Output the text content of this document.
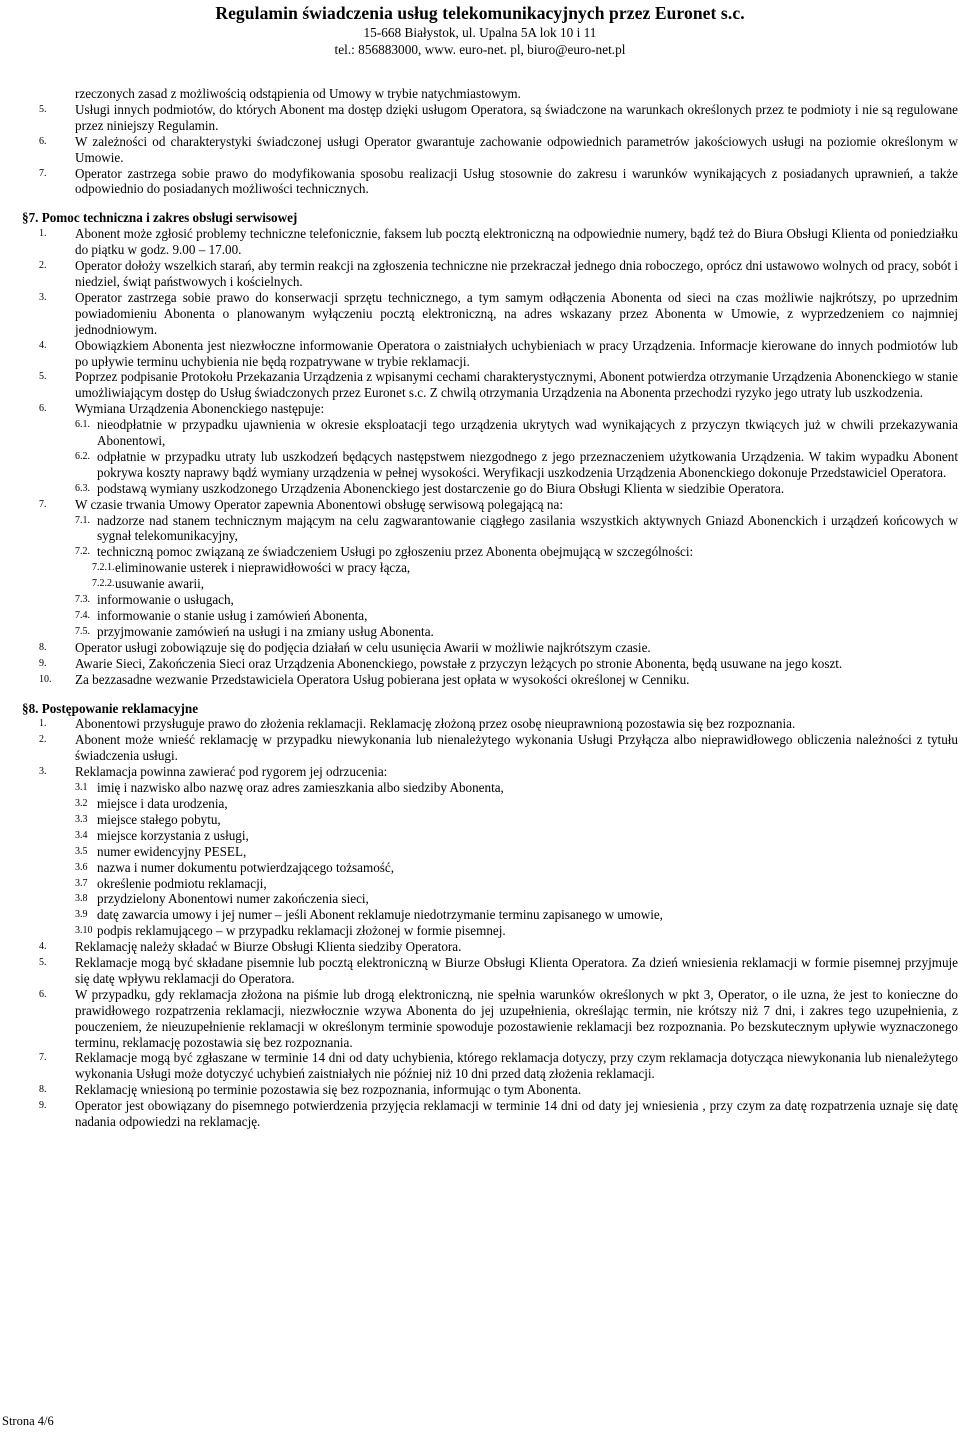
Regulamin świadczenia usług telekomunikacyjnych przez Euronet s.c.
15-668 Białystok, ul. Upalna 5A lok 10 i 11
tel.: 856883000, www. euro-net. pl, biuro@euro-net.pl

rzeczonych zasad z możliwością odstąpienia od Umowy w trybie natychmiastowym.

5. Usługi innych podmiotów, do których Abonent ma dostęp dzięki usługom Operatora, są świadczone na warunkach określonych przez te podmioty i nie są regulowane przez niniejszy Regulamin.
6. W zależności od charakterystyki świadczonej usługi Operator gwarantuje zachowanie odpowiednich parametrów jakościowych usługi na poziomie określonym w Umowie.
7. Operator zastrzega sobie prawo do modyfikowania sposobu realizacji Usług stosownie do zakresu i warunków wynikających z posiadanych uprawnień, a także odpowiednio do posiadanych możliwości technicznych.

§7. Pomoc techniczna i zakres obsługi serwisowej

1. Abonent może zgłosić problemy techniczne telefonicznie, faksem lub pocztą elektroniczną na odpowiednie numery, bądź też do Biura Obsługi Klienta od poniedziałku do piątku w godz. 9.00 – 17.00.
2. Operator dołoży wszelkich starań, aby termin reakcji na zgłoszenia techniczne nie przekraczał jednego dnia roboczego, oprócz dni ustawowo wolnych od pracy, sobót i niedziel, świąt państwowych i kościelnych.
3. Operator zastrzega sobie prawo do konserwacji sprzętu technicznego, a tym samym odłączenia Abonenta od sieci na czas możliwie najkrótszy, po uprzednim powiadomieniu Abonenta o planowanym wyłączeniu pocztą elektroniczną, na adres wskazany przez Abonenta w Umowie, z wyprzedzeniem co najmniej jednodniowym.
4. Obowiązkiem Abonenta jest niezwłoczne informowanie Operatora o zaistniałych uchybieniach w pracy Urządzenia. Informacje kierowane do innych podmiotów lub po upływie terminu uchybienia nie będą rozpatrywane w trybie reklamacji.
5. Poprzez podpisanie Protokołu Przekazania Urządzenia z wpisanymi cechami charakterystycznymi, Abonent potwierdza otrzymanie Urządzenia Abonenckiego w stanie umożliwiającym dostęp do Usług świadczonych przez Euronet s.c. Z chwilą otrzymania Urządzenia na Abonenta przechodzi ryzyko jego utraty lub uszkodzenia.
6. Wymiana Urządzenia Abonenckiego następuje:
6.1. nieodpłatnie w przypadku ujawnienia w okresie eksploatacji tego urządzenia ukrytych wad wynikających z przyczyn tkwiących już w chwili przekazywania Abonentowi,
6.2. odpłatnie w przypadku utraty lub uszkodzeń będących następstwem niezgodnego z jego przeznaczeniem użytkowania Urządzenia. W takim wypadku Abonent pokrywa koszty naprawy bądź wymiany urządzenia w pełnej wysokości. Weryfikacji uszkodzenia Urządzenia Abonenckiego dokonuje Przedstawiciel Operatora.
6.3. podstawą wymiany uszkodzonego Urządzenia Abonenckiego jest dostarczenie go do Biura Obsługi Klienta w siedzibie Operatora.
7. W czasie trwania Umowy Operator zapewnia Abonentowi obsługę serwisową polegającą na:
7.1. nadzorze nad stanem technicznym mającym na celu zagwarantowanie ciągłego zasilania wszystkich aktywnych Gniazd Abonenckich i urządzeń końcowych w sygnał telekomunikacyjny,
7.2. techniczną pomoc związaną ze świadczeniem Usługi po zgłoszeniu przez Abonenta obejmującą w szczególności:
7.2.1. eliminowanie usterek i nieprawidłowości w pracy łącza,
7.2.2. usuwanie awarii,
7.3. informowanie o usługach,
7.4. informowanie o stanie usług i zamówień Abonenta,
7.5. przyjmowanie zamówień na usługi i na zmiany usług Abonenta.
8. Operator usługi zobowiązuje się do podjęcia działań w celu usunięcia Awarii w możliwie najkrótszym czasie.
9. Awarie Sieci, Zakończenia Sieci oraz Urządzenia Abonenckiego, powstałe z przyczyn leżących po stronie Abonenta, będą usuwane na jego koszt.
10. Za bezzasadne wezwanie Przedstawiciela Operatora Usług pobierana jest opłata w wysokości określonej w Cenniku.

§8. Postępowanie reklamacyjne

1. Abonentowi przysługuje prawo do złożenia reklamacji. Reklamację złożoną przez osobę nieuprawnioną pozostawia się bez rozpoznania.
2. Abonent może wnieść reklamację w przypadku niewykonania lub nienależytego wykonania Usługi Przyłącza albo nieprawidłowego obliczenia należności z tytułu świadczenia usługi.
3. Reklamacja powinna zawierać pod rygorem jej odrzucenia:
3.1 imię i nazwisko albo nazwę oraz adres zamieszkania albo siedziby Abonenta,
3.2 miejsce i data urodzenia,
3.3 miejsce stałego pobytu,
3.4 miejsce korzystania z usługi,
3.5 numer ewidencyjny PESEL,
3.6 nazwa i numer dokumentu potwierdzającego tożsamość,
3.7 określenie podmiotu reklamacji,
3.8 przydzielony Abonentowi numer zakończenia sieci,
3.9 datę zawarcia umowy i jej numer – jeśli Abonent reklamuje niedotrzymanie terminu zapisanego w umowie,
3.10 podpis reklamującego – w przypadku reklamacji złożonej w formie pisemnej.
4. Reklamację należy składać w Biurze Obsługi Klienta siedziby Operatora.
5. Reklamacje mogą być składane pisemnie lub pocztą elektroniczną w Biurze Obsługi Klienta Operatora. Za dzień wniesienia reklamacji w formie pisemnej przyjmuje się datę wpływu reklamacji do Operatora.
6. W przypadku, gdy reklamacja złożona na piśmie lub drogą elektroniczną, nie spełnia warunków określonych w pkt 3, Operator, o ile uzna, że jest to konieczne do prawidłowego rozpatrzenia reklamacji, niezwłocznie wzywa Abonenta do jej uzupełnienia, określając termin, nie krótszy niż 7 dni, i zakres tego uzupełnienia, z pouczeniem, że nieuzupełnienie reklamacji w określonym terminie spowoduje pozostawienie reklamacji bez rozpoznania. Po bezskutecznym upływie wyznaczonego terminu, reklamację pozostawia się bez rozpoznania.
7. Reklamacje mogą być zgłaszane w terminie 14 dni od daty uchybienia, którego reklamacja dotyczy, przy czym reklamacja dotycząca niewykonania lub nienależytego wykonania Usługi może dotyczyć uchybień zaistniałych nie później niż 10 dni przed datą złożenia reklamacji.
8. Reklamację wniesioną po terminie pozostawia się bez rozpoznania, informując o tym Abonenta.
9. Operator jest obowiązany do pisemnego potwierdzenia przyjęcia reklamacji w terminie 14 dni od daty jej wniesienia , przy czym za datę rozpatrzenia uznaje się datę nadania odpowiedzi na reklamację.
Strona 4/6
